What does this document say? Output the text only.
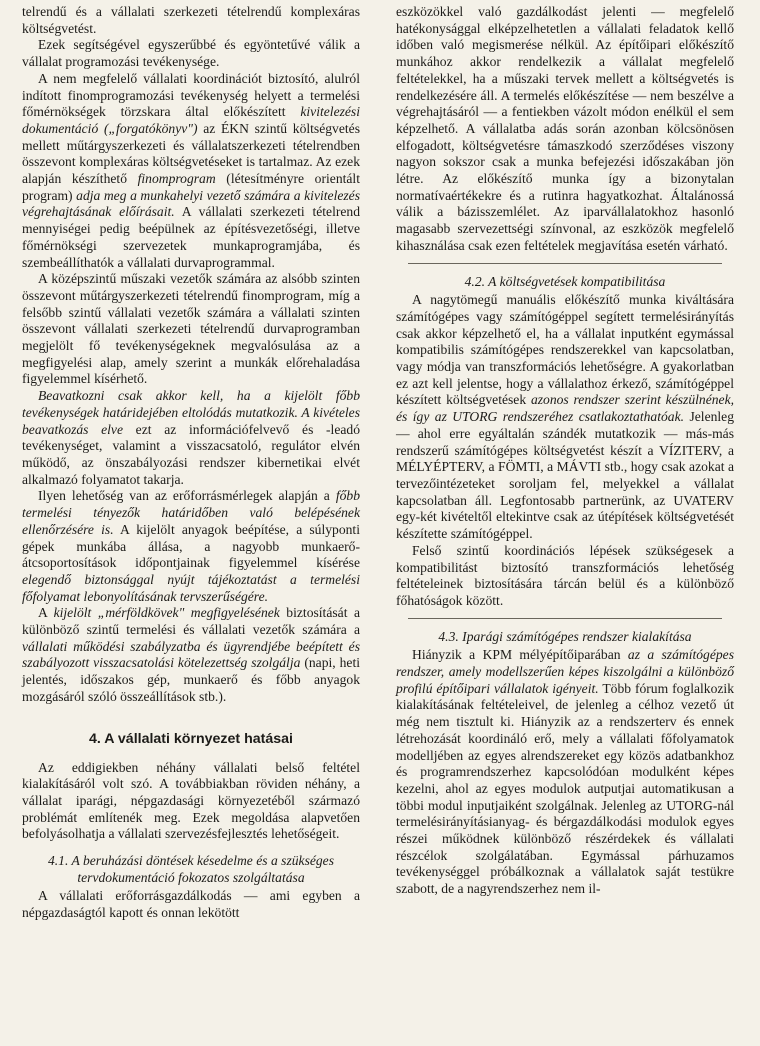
telrendű és a vállalati szerkezeti tételrendű komplexáras költségvetést.

Ezek segítségével egyszerűbbé és egyöntetűvé válik a vállalat programozási tevékenysége.

A nem megfelelő vállalati koordinációt biztosító, alulról indított finomprogramozási tevékenység helyett a termelési főmérnökségek törzskara által előkészített kivitelezési dokumentáció („forgatókönyv") az ÉKN szintű költségvetés mellett műtárgyszerkezeti és vállalatszerkezeti tételrendben összevont komplexáras költségvetéseket is tartalmaz. Az ezek alapján készíthető finomprogram (létesítményre orientált program) adja meg a munkahelyi vezető számára a kivitelezés végrehajtásának előírásait. A vállalati szerkezeti tételrend mennyiségei pedig beépülnek az építésvezetőségi, illetve főmérnökségi szervezetek munkaprogramjába, és szembeállíthatók a vállalati durvaprogrammal.

A középszintű műszaki vezetők számára az alsóbb szinten összevont műtárgyszerkezeti tételrendű finomprogram, míg a felsőbb szintű vállalati vezetők számára a vállalati szinten összevont vállalati szerkezeti tételrendű durvaprogramban megjelölt fő tevékenységeknek megvalósulása az a megfigyelési alap, amely szerint a munkák előrehaladása figyelemmel kísérhető.

Beavatkozni csak akkor kell, ha a kijelölt főbb tevékenységek határidejében eltolódás mutatkozik. A kivételes beavatkozás elve ezt az információfelvevő és -leadó tevékenységet, valamint a visszacsatoló, regulátor elvén működő, az önszabályozási rendszer kibernetikai elvét alkalmazó folyamatot takarja.

Ilyen lehetőség van az erőforrásmérlegek alapján a főbb termelési tényezők határidőben való belépésének ellenőrzésére is. A kijelölt anyagok beépítése, a súlyponti gépek munkába állása, a nagyobb munkaerő-átcsoportosítások időpontjainak figyelemmel kísérése elegendő biztonsággal nyújt tájékoztatást a termelési főfolyamat lebonyolításának tervszerűségére.

A kijelölt „mérföldkövek" megfigyelésének biztosítását a különböző szintű termelési és vállalati vezetők számára a vállalati működési szabályzatba és ügyrendjébe beépített és szabályozott visszacsatolási kötelezettség szolgálja (napi, heti jelentés, időszakos gép, munkaerő és főbb anyagok mozgásáról szóló összeállítások stb.).

4. A vállalati környezet hatásai

Az eddigiekben néhány vállalati belső feltétel kialakításáról volt szó. A továbbiakban röviden néhány, a vállalat iparági, népgazdasági környezetéből származó problémát említenék meg. Ezek megoldása alapvetően befolyásolhatja a vállalati szervezésfejlesztés lehetőségeit.

4.1. A beruházási döntések késedelme és a szükséges tervdokumentáció fokozatos szolgáltatása

A vállalati erőforrásgazdálkodás — ami egyben a népgazdaságtól kapott és onnan lekötött

eszközökkel való gazdálkodást jelenti — megfelelő hatékonysággal elképzelhetetlen a vállalati feladatok kellő időben való megismerése nélkül. Az építőipari előkészítő munkához akkor rendelkezik a vállalat megfelelő feltételekkel, ha a műszaki tervek mellett a költségvetés is rendelkezésére áll. A termelés előkészítése — nem beszélve a végrehajtásáról — a fentiekben vázolt módon enélkül el sem képzelhető. A vállalatba adás során azonban kölcsönösen elfogadott, költségvetésre támaszkodó szerződéses viszony nagyon sokszor csak a munka befejezési időszakában jön létre. Az előkészítő munka így a bizonytalan normatívaértékekre és a rutinra hagyatkozhat. Általánossá válik a bázisszemlélet. Az iparvállalatokhoz hasonló magasabb szervezettségi színvonal, az eszközök megfelelő kihasználása csak ezen feltételek megjavítása esetén várható.

4.2. A költségvetések kompatibilitása

A nagytömegű manuális előkészítő munka kiváltására számítógépes vagy számítógéppel segített termelésirányítás csak akkor képzelhető el, ha a vállalat inputként egymással kompatibilis számítógépes rendszerekkel van kapcsolatban, vagy módja van transzformációs lehetőségre. A gyakorlatban ez azt kell jelentse, hogy a vállalathoz érkező, számítógéppel készített költségvetések azonos rendszer szerint készülnének, és így az UTORG rendszeréhez csatlakoztathatóak. Jelenleg — ahol erre egyáltalán szándék mutatkozik — más-más rendszerű számítógépes költségvetést készít a VÍZITERV, a MÉLYÉPTERV, a FÖMTI, a MÁVTI stb., hogy csak azokat a tervezőintézeteket soroljam fel, melyekkel a vállalat kapcsolatban áll. Legfontosabb partnerünk, az UVATERV egy-két kivételtől eltekintve csak az útépítések költségvetését készítette számítógéppel.

Felső szintű koordinációs lépések szükségesek a kompatibilitást biztosító transzformációs lehetőség feltételeinek biztosítására tárcán belül és a különböző főhatóságok között.

4.3. Iparági számítógépes rendszer kialakítása

Hiányzik a KPM mélyépítőiparában az a számítógépes rendszer, amely modellszerűen képes kiszolgálni a különböző profilú építőipari vállalatok igényeit. Több fórum foglalkozik kialakításának feltételeivel, de jelenleg a célhoz vezető út még nem tisztult ki. Hiányzik az a rendszerterv és ennek létrehozását koordináló erő, mely a vállalati főfolyamatok modelljében az egyes alrendszereket egy közös adatbankhoz és programrendszerhez kapcsolódóan modulként képes kezelni, ahol az egyes modulok autputjai automatikusan a többi modul inputjaiként szolgálnak. Jelenleg az UTORG-nál termelésirányításianyag- és bérgazdálkodási modulok egyes részei működnek különböző részérdekek és vállalati részcélok szolgálatában. Egymással párhuzamos tevékenységgel próbálkoznak a vállalatok saját testükre szabott, de a nagyrendszerhez nem il-
